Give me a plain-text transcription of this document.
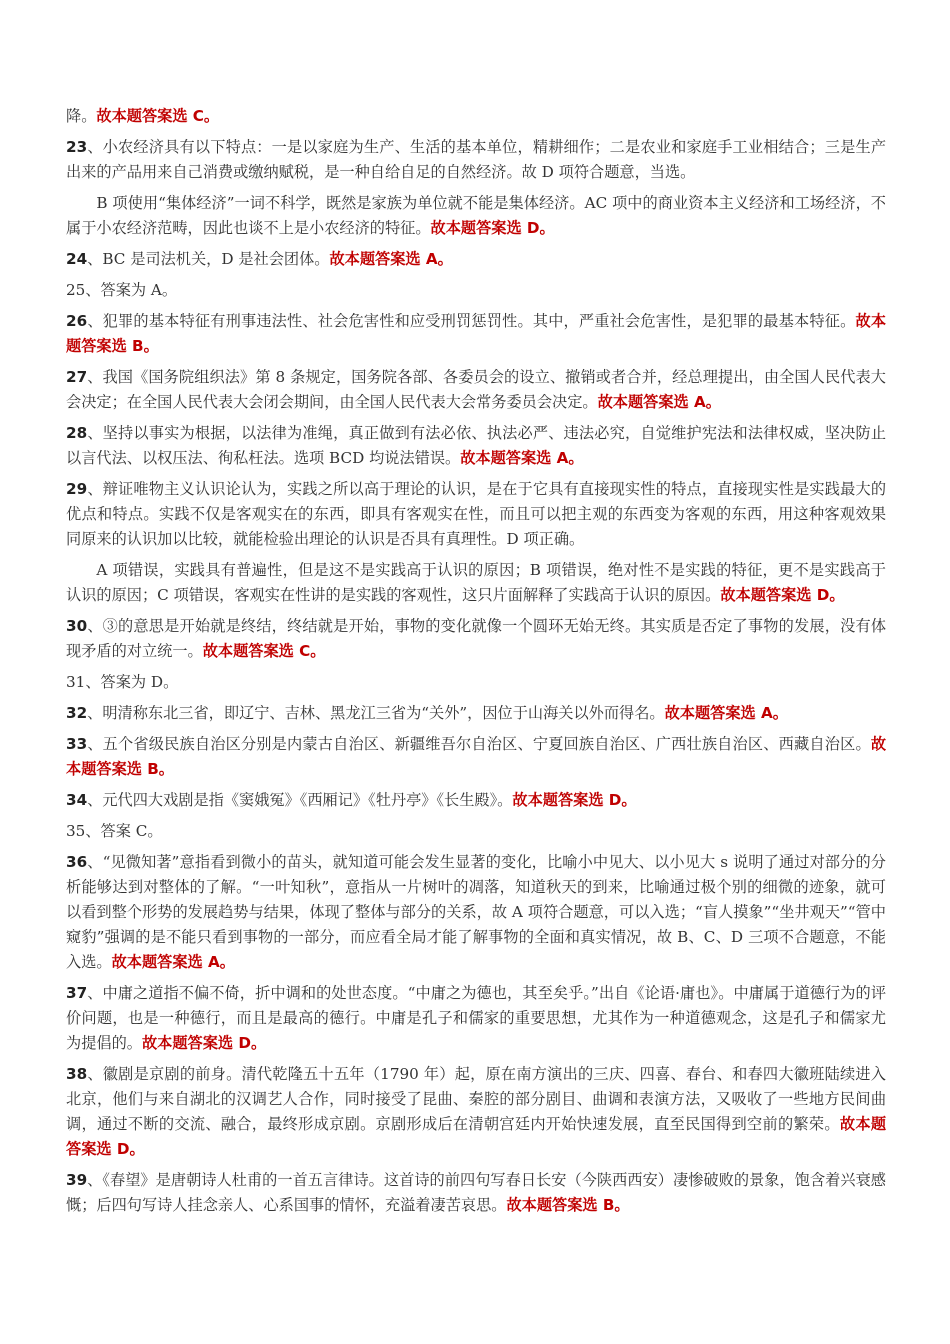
降。故本题答案选 C。

23、小农经济具有以下特点：一是以家庭为生产、生活的基本单位，精耕细作；二是农业和家庭手工业相结合；三是生产出来的产品用来自己消费或缴纳赋税，是一种自给自足的自然经济。故 D 项符合题意，当选。

B 项使用“集体经济”一词不科学，既然是家族为单位就不能是集体经济。AC 项中的商业资本主义经济和工场经济，不属于小农经济范畴，因此也谈不上是小农经济的特征。故本题答案选 D。

24、BC 是司法机关，D 是社会团体。故本题答案选 A。

25、答案为 A。

26、犯罪的基本特征有刑事违法性、社会危害性和应受刑罚惩罚性。其中，严重社会危害性，是犯罪的最基本特征。故本题答案选 B。

27、我国《国务院组织法》第 8 条规定，国务院各部、各委员会的设立、撤销或者合并，经总理提出，由全国人民代表大会决定；在全国人民代表大会闭会期间，由全国人民代表大会常务委员会决定。故本题答案选 A。

28、坚持以事实为根据，以法律为准绳，真正做到有法必依、执法必严、违法必究，自觉维护宪法和法律权威，坚决防止以言代法、以权压法、徇私枉法。选项 BCD 均说法错误。故本题答案选 A。

29、辩证唯物主义认识论认为，实践之所以高于理论的认识，是在于它具有直接现实性的特点，直接现实性是实践最大的优点和特点。实践不仅是客观实在的东西，即具有客观实在性，而且可以把主观的东西变为客观的东西，用这种客观效果同原来的认识加以比较，就能检验出理论的认识是否具有真理性。D 项正确。

A 项错误，实践具有普遍性，但是这不是实践高于认识的原因；B 项错误，绝对性不是实践的特征，更不是实践高于认识的原因；C 项错误，客观实在性讲的是实践的客观性，这只片面解释了实践高于认识的原因。故本题答案选 D。

30、③的意思是开始就是终结，终结就是开始，事物的变化就像一个圆环无始无终。其实质是否定了事物的发展，没有体现矛盾的对立统一。故本题答案选 C。

31、答案为 D。

32、明清称东北三省，即辽宁、吉林、黑龙江三省为“关外”，因位于山海关以外而得名。故本题答案选 A。

33、五个省级民族自治区分别是内蒙古自治区、新疆维吾尔自治区、宁夏回族自治区、广西壮族自治区、西藏自治区。故本题答案选 B。

34、元代四大戏剧是指《窦娥冤》《西厢记》《牡丹亭》《长生殿》。故本题答案选 D。

35、答案 C。

36、“见微知著”意指看到微小的苗头，就知道可能会发生显著的变化，比喻小中见大、以小见大 s 说明了通过对部分的分析能够达到对整体的了解。“一叶知秋”，意指从一片树叶的凋落，知道秋天的到来，比喻通过极个别的细微的迹象，就可以看到整个形势的发展趋势与结果，体现了整体与部分的关系，故 A 项符合题意，可以入选；“盲人摸象”“坐井观天”“管中窥豹”强调的是不能只看到事物的一部分，而应看全局才能了解事物的全面和真实情况，故 B、C、D 三项不合题意，不能入选。故本题答案选 A。

37、中庸之道指不偏不倚，折中调和的处世态度。“中庸之为德也，其至矣乎。”出自《论语·庸也》。中庸属于道德行为的评价问题，也是一种德行，而且是最高的德行。中庸是孔子和儒家的重要思想，尤其作为一种道德观念，这是孔子和儒家尤为提倡的。故本题答案选 D。

38、徽剧是京剧的前身。清代乾隆五十五年（1790 年）起，原在南方演出的三庆、四喜、春台、和春四大徽班陆续进入北京，他们与来自湖北的汉调艺人合作，同时接受了昆曲、秦腔的部分剧目、曲调和表演方法，又吸收了一些地方民间曲调，通过不断的交流、融合，最终形成京剧。京剧形成后在清朝宫廷内开始快速发展，直至民国得到空前的繁荣。故本题答案选 D。

39、《春望》是唐朝诗人杜甫的一首五言律诗。这首诗的前四句写春日长安（今陕西西安）凄惨破败的景象，饱含着兴衰感慨；后四句写诗人挂念亲人、心系国事的情怀，充溢着凄苦哀思。故本题答案选 B。
